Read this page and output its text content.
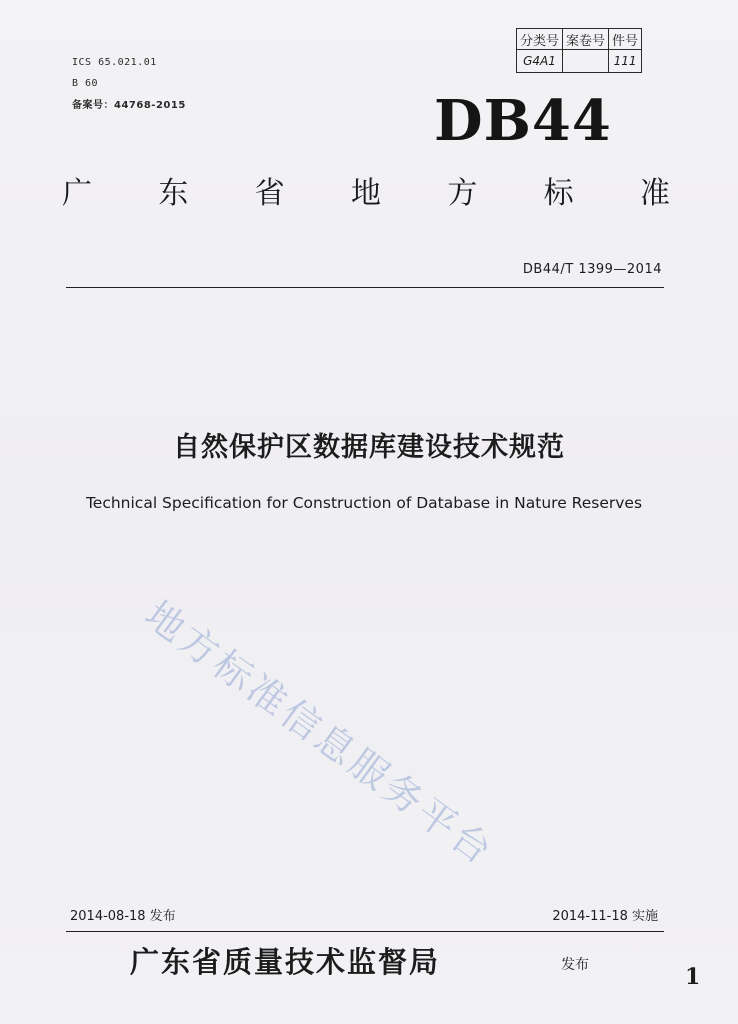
ICS 65.021.01
B 60
备案号：44768-2015
分类号	案卷号	件号
G4A1		111
DB44
广 东 省 地 方 标 准
DB44/T 1399—2014
自然保护区数据库建设技术规范
Technical Specification for Construction of Database in Nature Reserves
地方标准信息服务平台
2014-08-18 发布	2014-11-18 实施
广东省质量技术监督局	发布	1
